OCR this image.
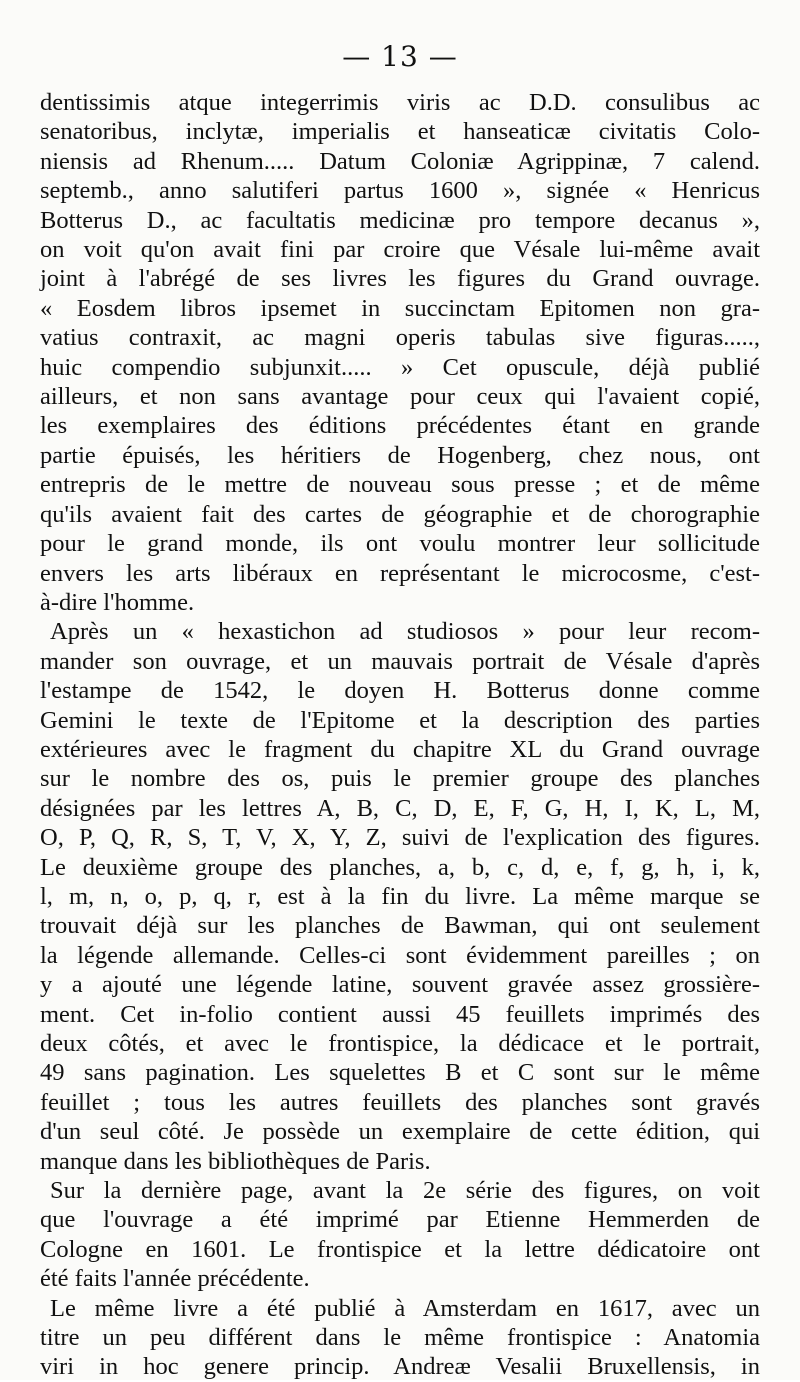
— 13 —
dentissimis atque integerrimis viris ac D.D. consulibus ac
senatoribus, inclytæ, imperialis et hanseaticæ civitatis Colo-
niensis ad Rhenum..... Datum Coloniæ Agrippinæ, 7 calend.
septemb., anno salutiferi partus 1600 », signée « Henricus
Botterus D., ac facultatis medicinæ pro tempore decanus »,
on voit qu'on avait fini par croire que Vésale lui-même avait
joint à l'abrégé de ses livres les figures du Grand ouvrage.
« Eosdem libros ipsemet in succinctam Epitomen non gra-
vatius contraxit, ac magni operis tabulas sive figuras.....,
huic compendio subjunxit..... » Cet opuscule, déjà publié
ailleurs, et non sans avantage pour ceux qui l'avaient copié,
les exemplaires des éditions précédentes étant en grande
partie épuisés, les héritiers de Hogenberg, chez nous, ont
entrepris de le mettre de nouveau sous presse ; et de même
qu'ils avaient fait des cartes de géographie et de chorographie
pour le grand monde, ils ont voulu montrer leur sollicitude
envers les arts libéraux en représentant le microcosme, c'est-
à-dire l'homme.
Après un « hexastichon ad studiosos » pour leur recom-
mander son ouvrage, et un mauvais portrait de Vésale d'après
l'estampe de 1542, le doyen H. Botterus donne comme
Gemini le texte de l'Epitome et la description des parties
extérieures avec le fragment du chapitre XL du Grand ouvrage
sur le nombre des os, puis le premier groupe des planches
désignées par les lettres A, B, C, D, E, F, G, H, I, K, L, M,
O, P, Q, R, S, T, V, X, Y, Z, suivi de l'explication des figures.
Le deuxième groupe des planches, a, b, c, d, e, f, g, h, i, k,
l, m, n, o, p, q, r, est à la fin du livre. La même marque se
trouvait déjà sur les planches de Bawman, qui ont seulement
la légende allemande. Celles-ci sont évidemment pareilles ; on
y a ajouté une légende latine, souvent gravée assez grossière-
ment. Cet in-folio contient aussi 45 feuillets imprimés des
deux côtés, et avec le frontispice, la dédicace et le portrait,
49 sans pagination. Les squelettes B et C sont sur le même
feuillet ; tous les autres feuillets des planches sont gravés
d'un seul côté. Je possède un exemplaire de cette édition, qui
manque dans les bibliothèques de Paris.
Sur la dernière page, avant la 2e série des figures, on voit
que l'ouvrage a été imprimé par Etienne Hemmerden de
Cologne en 1601. Le frontispice et la lettre dédicatoire ont
été faits l'année précédente.
Le même livre a été publié à Amsterdam en 1617, avec un
titre un peu différent dans le même frontispice : Anatomia
viri in hoc genere princip. Andreæ Vesalii Bruxellensis, in
